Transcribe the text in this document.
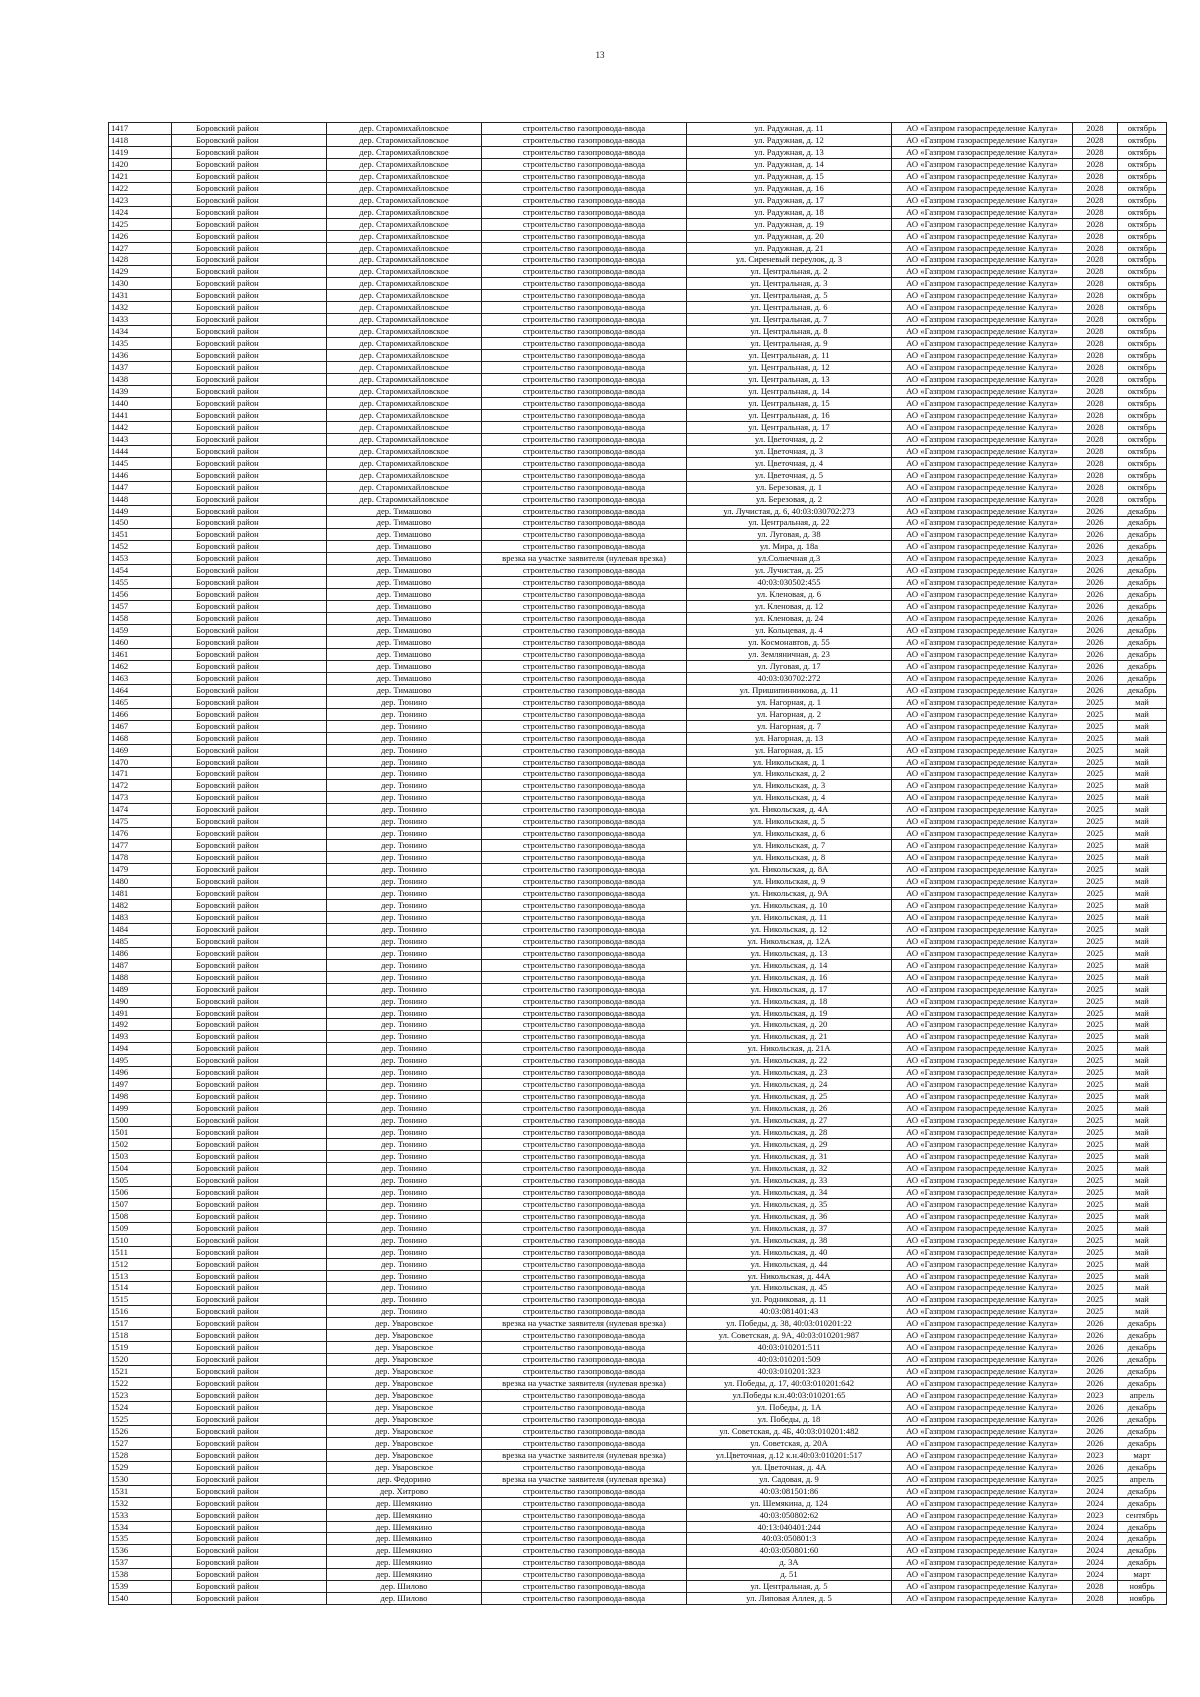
13
1417	Боровский район	дер. Старомихайловское	строительство газопровода-ввода	ул. Радужная, д. 11	АО «Газпром газораспределение Калуга»	2028	октябрь
1418	Боровский район	дер. Старомихайловское	строительство газопровода-ввода	ул. Радужная, д. 12	АО «Газпром газораспределение Калуга»	2028	октябрь
1419	Боровский район	дер. Старомихайловское	строительство газопровода-ввода	ул. Радужная, д. 13	АО «Газпром газораспределение Калуга»	2028	октябрь
1420	Боровский район	дер. Старомихайловское	строительство газопровода-ввода	ул. Радужная, д. 14	АО «Газпром газораспределение Калуга»	2028	октябрь
1421	Боровский район	дер. Старомихайловское	строительство газопровода-ввода	ул. Радужная, д. 15	АО «Газпром газораспределение Калуга»	2028	октябрь
1422	Боровский район	дер. Старомихайловское	строительство газопровода-ввода	ул. Радужная, д. 16	АО «Газпром газораспределение Калуга»	2028	октябрь
1423	Боровский район	дер. Старомихайловское	строительство газопровода-ввода	ул. Радужная, д. 17	АО «Газпром газораспределение Калуга»	2028	октябрь
1424	Боровский район	дер. Старомихайловское	строительство газопровода-ввода	ул. Радужная, д. 18	АО «Газпром газораспределение Калуга»	2028	октябрь
1425	Боровский район	дер. Старомихайловское	строительство газопровода-ввода	ул. Радужная, д. 19	АО «Газпром газораспределение Калуга»	2028	октябрь
1426	Боровский район	дер. Старомихайловское	строительство газопровода-ввода	ул. Радужная, д. 20	АО «Газпром газораспределение Калуга»	2028	октябрь
1427	Боровский район	дер. Старомихайловское	строительство газопровода-ввода	ул. Радужная, д. 21	АО «Газпром газораспределение Калуга»	2028	октябрь
1428	Боровский район	дер. Старомихайловское	строительство газопровода-ввода	ул. Сиреневый переулок, д. 3	АО «Газпром газораспределение Калуга»	2028	октябрь
1429	Боровский район	дер. Старомихайловское	строительство газопровода-ввода	ул. Центральная, д. 2	АО «Газпром газораспределение Калуга»	2028	октябрь
1430	Боровский район	дер. Старомихайловское	строительство газопровода-ввода	ул. Центральная, д. 3	АО «Газпром газораспределение Калуга»	2028	октябрь
1431	Боровский район	дер. Старомихайловское	строительство газопровода-ввода	ул. Центральная, д. 5	АО «Газпром газораспределение Калуга»	2028	октябрь
1432	Боровский район	дер. Старомихайловское	строительство газопровода-ввода	ул. Центральная, д. 6	АО «Газпром газораспределение Калуга»	2028	октябрь
1433	Боровский район	дер. Старомихайловское	строительство газопровода-ввода	ул. Центральная, д. 7	АО «Газпром газораспределение Калуга»	2028	октябрь
1434	Боровский район	дер. Старомихайловское	строительство газопровода-ввода	ул. Центральная, д. 8	АО «Газпром газораспределение Калуга»	2028	октябрь
1435	Боровский район	дер. Старомихайловское	строительство газопровода-ввода	ул. Центральная, д. 9	АО «Газпром газораспределение Калуга»	2028	октябрь
1436	Боровский район	дер. Старомихайловское	строительство газопровода-ввода	ул. Центральная, д. 11	АО «Газпром газораспределение Калуга»	2028	октябрь
1437	Боровский район	дер. Старомихайловское	строительство газопровода-ввода	ул. Центральная, д. 12	АО «Газпром газораспределение Калуга»	2028	октябрь
1438	Боровский район	дер. Старомихайловское	строительство газопровода-ввода	ул. Центральная, д. 13	АО «Газпром газораспределение Калуга»	2028	октябрь
1439	Боровский район	дер. Старомихайловское	строительство газопровода-ввода	ул. Центральная, д. 14	АО «Газпром газораспределение Калуга»	2028	октябрь
1440	Боровский район	дер. Старомихайловское	строительство газопровода-ввода	ул. Центральная, д. 15	АО «Газпром газораспределение Калуга»	2028	октябрь
1441	Боровский район	дер. Старомихайловское	строительство газопровода-ввода	ул. Центральная, д. 16	АО «Газпром газораспределение Калуга»	2028	октябрь
1442	Боровский район	дер. Старомихайловское	строительство газопровода-ввода	ул. Центральная, д. 17	АО «Газпром газораспределение Калуга»	2028	октябрь
1443	Боровский район	дер. Старомихайловское	строительство газопровода-ввода	ул. Цветочная, д. 2	АО «Газпром газораспределение Калуга»	2028	октябрь
1444	Боровский район	дер. Старомихайловское	строительство газопровода-ввода	ул. Цветочная, д. 3	АО «Газпром газораспределение Калуга»	2028	октябрь
1445	Боровский район	дер. Старомихайловское	строительство газопровода-ввода	ул. Цветочная, д. 4	АО «Газпром газораспределение Калуга»	2028	октябрь
1446	Боровский район	дер. Старомихайловское	строительство газопровода-ввода	ул. Цветочная, д. 5	АО «Газпром газораспределение Калуга»	2028	октябрь
1447	Боровский район	дер. Старомихайловское	строительство газопровода-ввода	ул. Березовая, д. 1	АО «Газпром газораспределение Калуга»	2028	октябрь
1448	Боровский район	дер. Старомихайловское	строительство газопровода-ввода	ул. Березовая, д. 2	АО «Газпром газораспределение Калуга»	2028	октябрь
1449	Боровский район	дер. Тимашово	строительство газопровода-ввода	ул. Лучистая, д. 6, 40:03:030702:273	АО «Газпром газораспределение Калуга»	2026	декабрь
1450	Боровский район	дер. Тимашово	строительство газопровода-ввода	ул. Центральная, д. 22	АО «Газпром газораспределение Калуга»	2026	декабрь
1451	Боровский район	дер. Тимашово	строительство газопровода-ввода	ул. Луговая, д. 38	АО «Газпром газораспределение Калуга»	2026	декабрь
1452	Боровский район	дер. Тимашово	строительство газопровода-ввода	ул. Мира, д. 18а	АО «Газпром газораспределение Калуга»	2026	декабрь
1453	Боровский район	дер. Тимашово	врезка на участке заявителя (нулевая врезка)	ул.Солнечная д.3	АО «Газпром газораспределение Калуга»	2023	декабрь
1454	Боровский район	дер. Тимашово	строительство газопровода-ввода	ул. Лучистая, д. 25	АО «Газпром газораспределение Калуга»	2026	декабрь
1455	Боровский район	дер. Тимашово	строительство газопровода-ввода	40:03:030502:455	АО «Газпром газораспределение Калуга»	2026	декабрь
1456	Боровский район	дер. Тимашово	строительство газопровода-ввода	ул. Кленовая, д. 6	АО «Газпром газораспределение Калуга»	2026	декабрь
1457	Боровский район	дер. Тимашово	строительство газопровода-ввода	ул. Кленовая, д. 12	АО «Газпром газораспределение Калуга»	2026	декабрь
1458	Боровский район	дер. Тимашово	строительство газопровода-ввода	ул. Кленовая, д. 24	АО «Газпром газораспределение Калуга»	2026	декабрь
1459	Боровский район	дер. Тимашово	строительство газопровода-ввода	ул. Кольцевая, д. 4	АО «Газпром газораспределение Калуга»	2026	декабрь
1460	Боровский район	дер. Тимашово	строительство газопровода-ввода	ул. Космонавтов, д. 55	АО «Газпром газораспределение Калуга»	2026	декабрь
1461	Боровский район	дер. Тимашово	строительство газопровода-ввода	ул. Земляничная, д. 23	АО «Газпром газораспределение Калуга»	2026	декабрь
1462	Боровский район	дер. Тимашово	строительство газопровода-ввода	ул. Луговая, д. 17	АО «Газпром газораспределение Калуга»	2026	декабрь
1463	Боровский район	дер. Тимашово	строительство газопровода-ввода	40:03:030702:272	АО «Газпром газораспределение Калуга»	2026	декабрь
1464	Боровский район	дер. Тимашово	строительство газопровода-ввода	ул. Пришипинникова, д. 11	АО «Газпром газораспределение Калуга»	2026	декабрь
1465	Боровский район	дер. Тюнино	строительство газопровода-ввода	ул. Нагорная, д. 1	АО «Газпром газораспределение Калуга»	2025	май
1466	Боровский район	дер. Тюнино	строительство газопровода-ввода	ул. Нагорная, д. 2	АО «Газпром газораспределение Калуга»	2025	май
1467	Боровский район	дер. Тюнино	строительство газопровода-ввода	ул. Нагорная, д. 7	АО «Газпром газораспределение Калуга»	2025	май
1468	Боровский район	дер. Тюнино	строительство газопровода-ввода	ул. Нагорная, д. 13	АО «Газпром газораспределение Калуга»	2025	май
1469	Боровский район	дер. Тюнино	строительство газопровода-ввода	ул. Нагорная, д. 15	АО «Газпром газораспределение Калуга»	2025	май
1470	Боровский район	дер. Тюнино	строительство газопровода-ввода	ул. Никольская, д. 1	АО «Газпром газораспределение Калуга»	2025	май
1471	Боровский район	дер. Тюнино	строительство газопровода-ввода	ул. Никольская, д. 2	АО «Газпром газораспределение Калуга»	2025	май
1472	Боровский район	дер. Тюнино	строительство газопровода-ввода	ул. Никольская, д. 3	АО «Газпром газораспределение Калуга»	2025	май
1473	Боровский район	дер. Тюнино	строительство газопровода-ввода	ул. Никольская, д. 4	АО «Газпром газораспределение Калуга»	2025	май
1474	Боровский район	дер. Тюнино	строительство газопровода-ввода	ул. Никольская, д. 4А	АО «Газпром газораспределение Калуга»	2025	май
1475	Боровский район	дер. Тюнино	строительство газопровода-ввода	ул. Никольская, д. 5	АО «Газпром газораспределение Калуга»	2025	май
1476	Боровский район	дер. Тюнино	строительство газопровода-ввода	ул. Никольская, д. 6	АО «Газпром газораспределение Калуга»	2025	май
1477	Боровский район	дер. Тюнино	строительство газопровода-ввода	ул. Никольская, д. 7	АО «Газпром газораспределение Калуга»	2025	май
1478	Боровский район	дер. Тюнино	строительство газопровода-ввода	ул. Никольская, д. 8	АО «Газпром газораспределение Калуга»	2025	май
1479	Боровский район	дер. Тюнино	строительство газопровода-ввода	ул. Никольская, д. 8А	АО «Газпром газораспределение Калуга»	2025	май
1480	Боровский район	дер. Тюнино	строительство газопровода-ввода	ул. Никольская, д. 9	АО «Газпром газораспределение Калуга»	2025	май
1481	Боровский район	дер. Тюнино	строительство газопровода-ввода	ул. Никольская, д. 9А	АО «Газпром газораспределение Калуга»	2025	май
1482	Боровский район	дер. Тюнино	строительство газопровода-ввода	ул. Никольская, д. 10	АО «Газпром газораспределение Калуга»	2025	май
1483	Боровский район	дер. Тюнино	строительство газопровода-ввода	ул. Никольская, д. 11	АО «Газпром газораспределение Калуга»	2025	май
1484	Боровский район	дер. Тюнино	строительство газопровода-ввода	ул. Никольская, д. 12	АО «Газпром газораспределение Калуга»	2025	май
1485	Боровский район	дер. Тюнино	строительство газопровода-ввода	ул. Никольская, д. 12А	АО «Газпром газораспределение Калуга»	2025	май
1486	Боровский район	дер. Тюнино	строительство газопровода-ввода	ул. Никольская, д. 13	АО «Газпром газораспределение Калуга»	2025	май
1487	Боровский район	дер. Тюнино	строительство газопровода-ввода	ул. Никольская, д. 14	АО «Газпром газораспределение Калуга»	2025	май
1488	Боровский район	дер. Тюнино	строительство газопровода-ввода	ул. Никольская, д. 16	АО «Газпром газораспределение Калуга»	2025	май
1489	Боровский район	дер. Тюнино	строительство газопровода-ввода	ул. Никольская, д. 17	АО «Газпром газораспределение Калуга»	2025	май
1490	Боровский район	дер. Тюнино	строительство газопровода-ввода	ул. Никольская, д. 18	АО «Газпром газораспределение Калуга»	2025	май
1491	Боровский район	дер. Тюнино	строительство газопровода-ввода	ул. Никольская, д. 19	АО «Газпром газораспределение Калуга»	2025	май
1492	Боровский район	дер. Тюнино	строительство газопровода-ввода	ул. Никольская, д. 20	АО «Газпром газораспределение Калуга»	2025	май
1493	Боровский район	дер. Тюнино	строительство газопровода-ввода	ул. Никольская, д. 21	АО «Газпром газораспределение Калуга»	2025	май
1494	Боровский район	дер. Тюнино	строительство газопровода-ввода	ул. Никольская, д. 21А	АО «Газпром газораспределение Калуга»	2025	май
1495	Боровский район	дер. Тюнино	строительство газопровода-ввода	ул. Никольская, д. 22	АО «Газпром газораспределение Калуга»	2025	май
1496	Боровский район	дер. Тюнино	строительство газопровода-ввода	ул. Никольская, д. 23	АО «Газпром газораспределение Калуга»	2025	май
1497	Боровский район	дер. Тюнино	строительство газопровода-ввода	ул. Никольская, д. 24	АО «Газпром газораспределение Калуга»	2025	май
1498	Боровский район	дер. Тюнино	строительство газопровода-ввода	ул. Никольская, д. 25	АО «Газпром газораспределение Калуга»	2025	май
1499	Боровский район	дер. Тюнино	строительство газопровода-ввода	ул. Никольская, д. 26	АО «Газпром газораспределение Калуга»	2025	май
1500	Боровский район	дер. Тюнино	строительство газопровода-ввода	ул. Никольская, д. 27	АО «Газпром газораспределение Калуга»	2025	май
1501	Боровский район	дер. Тюнино	строительство газопровода-ввода	ул. Никольская, д. 28	АО «Газпром газораспределение Калуга»	2025	май
1502	Боровский район	дер. Тюнино	строительство газопровода-ввода	ул. Никольская, д. 29	АО «Газпром газораспределение Калуга»	2025	май
1503	Боровский район	дер. Тюнино	строительство газопровода-ввода	ул. Никольская, д. 31	АО «Газпром газораспределение Калуга»	2025	май
1504	Боровский район	дер. Тюнино	строительство газопровода-ввода	ул. Никольская, д. 32	АО «Газпром газораспределение Калуга»	2025	май
1505	Боровский район	дер. Тюнино	строительство газопровода-ввода	ул. Никольская, д. 33	АО «Газпром газораспределение Калуга»	2025	май
1506	Боровский район	дер. Тюнино	строительство газопровода-ввода	ул. Никольская, д. 34	АО «Газпром газораспределение Калуга»	2025	май
1507	Боровский район	дер. Тюнино	строительство газопровода-ввода	ул. Никольская, д. 35	АО «Газпром газораспределение Калуга»	2025	май
1508	Боровский район	дер. Тюнино	строительство газопровода-ввода	ул. Никольская, д. 36	АО «Газпром газораспределение Калуга»	2025	май
1509	Боровский район	дер. Тюнино	строительство газопровода-ввода	ул. Никольская, д. 37	АО «Газпром газораспределение Калуга»	2025	май
1510	Боровский район	дер. Тюнино	строительство газопровода-ввода	ул. Никольская, д. 38	АО «Газпром газораспределение Калуга»	2025	май
1511	Боровский район	дер. Тюнино	строительство газопровода-ввода	ул. Никольская, д. 40	АО «Газпром газораспределение Калуга»	2025	май
1512	Боровский район	дер. Тюнино	строительство газопровода-ввода	ул. Никольская, д. 44	АО «Газпром газораспределение Калуга»	2025	май
1513	Боровский район	дер. Тюнино	строительство газопровода-ввода	ул. Никольская, д. 44А	АО «Газпром газораспределение Калуга»	2025	май
1514	Боровский район	дер. Тюнино	строительство газопровода-ввода	ул. Никольская, д. 45	АО «Газпром газораспределение Калуга»	2025	май
1515	Боровский район	дер. Тюнино	строительство газопровода-ввода	ул. Родниковая, д. 11	АО «Газпром газораспределение Калуга»	2025	май
1516	Боровский район	дер. Тюнино	строительство газопровода-ввода	40:03:081401:43	АО «Газпром газораспределение Калуга»	2025	май
1517	Боровский район	дер. Уваровское	врезка на участке заявителя (нулевая врезка)	ул. Победы, д. 38, 40:03:010201:22	АО «Газпром газораспределение Калуга»	2026	декабрь
1518	Боровский район	дер. Уваровское	строительство газопровода-ввода	ул. Советская, д. 9А, 40:03:010201:987	АО «Газпром газораспределение Калуга»	2026	декабрь
1519	Боровский район	дер. Уваровское	строительство газопровода-ввода	40:03:010201:511	АО «Газпром газораспределение Калуга»	2026	декабрь
1520	Боровский район	дер. Уваровское	строительство газопровода-ввода	40:03:010201:509	АО «Газпром газораспределение Калуга»	2026	декабрь
1521	Боровский район	дер. Уваровское	строительство газопровода-ввода	40:03:010201:323	АО «Газпром газораспределение Калуга»	2026	декабрь
1522	Боровский район	дер. Уваровское	врезка на участке заявителя (нулевая врезка)	ул. Победы, д. 17, 40:03:010201:642	АО «Газпром газораспределение Калуга»	2026	декабрь
1523	Боровский район	дер. Уваровское	строительство газопровода-ввода	ул.Победы к.н.40:03:010201:65	АО «Газпром газораспределение Калуга»	2023	апрель
1524	Боровский район	дер. Уваровское	строительство газопровода-ввода	ул. Победы, д. 1А	АО «Газпром газораспределение Калуга»	2026	декабрь
1525	Боровский район	дер. Уваровское	строительство газопровода-ввода	ул. Победы, д. 18	АО «Газпром газораспределение Калуга»	2026	декабрь
1526	Боровский район	дер. Уваровское	строительство газопровода-ввода	ул. Советская, д. 4Б, 40:03:010201:482	АО «Газпром газораспределение Калуга»	2026	декабрь
1527	Боровский район	дер. Уваровское	строительство газопровода-ввода	ул. Советская, д. 20А	АО «Газпром газораспределение Калуга»	2026	декабрь
1528	Боровский район	дер. Уваровское	врезка на участке заявителя (нулевая врезка)	ул.Цветочная, д.12 к.н.40:03:010201:517	АО «Газпром газораспределение Калуга»	2023	март
1529	Боровский район	дер. Уваровское	строительство газопровода-ввода	ул. Цветочная, д. 4А	АО «Газпром газораспределение Калуга»	2026	декабрь
1530	Боровский район	дер. Федорино	врезка на участке заявителя (нулевая врезка)	ул. Садовая, д. 9	АО «Газпром газораспределение Калуга»	2025	апрель
1531	Боровский район	дер. Хитрово	строительство газопровода-ввода	40:03:081501:86	АО «Газпром газораспределение Калуга»	2024	декабрь
1532	Боровский район	дер. Шемякино	строительство газопровода-ввода	ул. Шемякина, д. 124	АО «Газпром газораспределение Калуга»	2024	декабрь
1533	Боровский район	дер. Шемякино	строительство газопровода-ввода	40:03:050802:62	АО «Газпром газораспределение Калуга»	2023	сентябрь
1534	Боровский район	дер. Шемякино	строительство газопровода-ввода	40:13:040401:244	АО «Газпром газораспределение Калуга»	2024	декабрь
1535	Боровский район	дер. Шемякино	строительство газопровода-ввода	40:03:050801:3	АО «Газпром газораспределение Калуга»	2024	декабрь
1536	Боровский район	дер. Шемякино	строительство газопровода-ввода	40:03:050801:60	АО «Газпром газораспределение Калуга»	2024	декабрь
1537	Боровский район	дер. Шемякино	строительство газопровода-ввода	д. 3А	АО «Газпром газораспределение Калуга»	2024	декабрь
1538	Боровский район	дер. Шемякино	строительство газопровода-ввода	д. 51	АО «Газпром газораспределение Калуга»	2024	март
1539	Боровский район	дер. Шилово	строительство газопровода-ввода	ул. Центральная, д. 5	АО «Газпром газораспределение Калуга»	2028	ноябрь
1540	Боровский район	дер. Шилово	строительство газопровода-ввода	ул. Липовая Аллея, д. 5	АО «Газпром газораспределение Калуга»	2028	ноябрь
